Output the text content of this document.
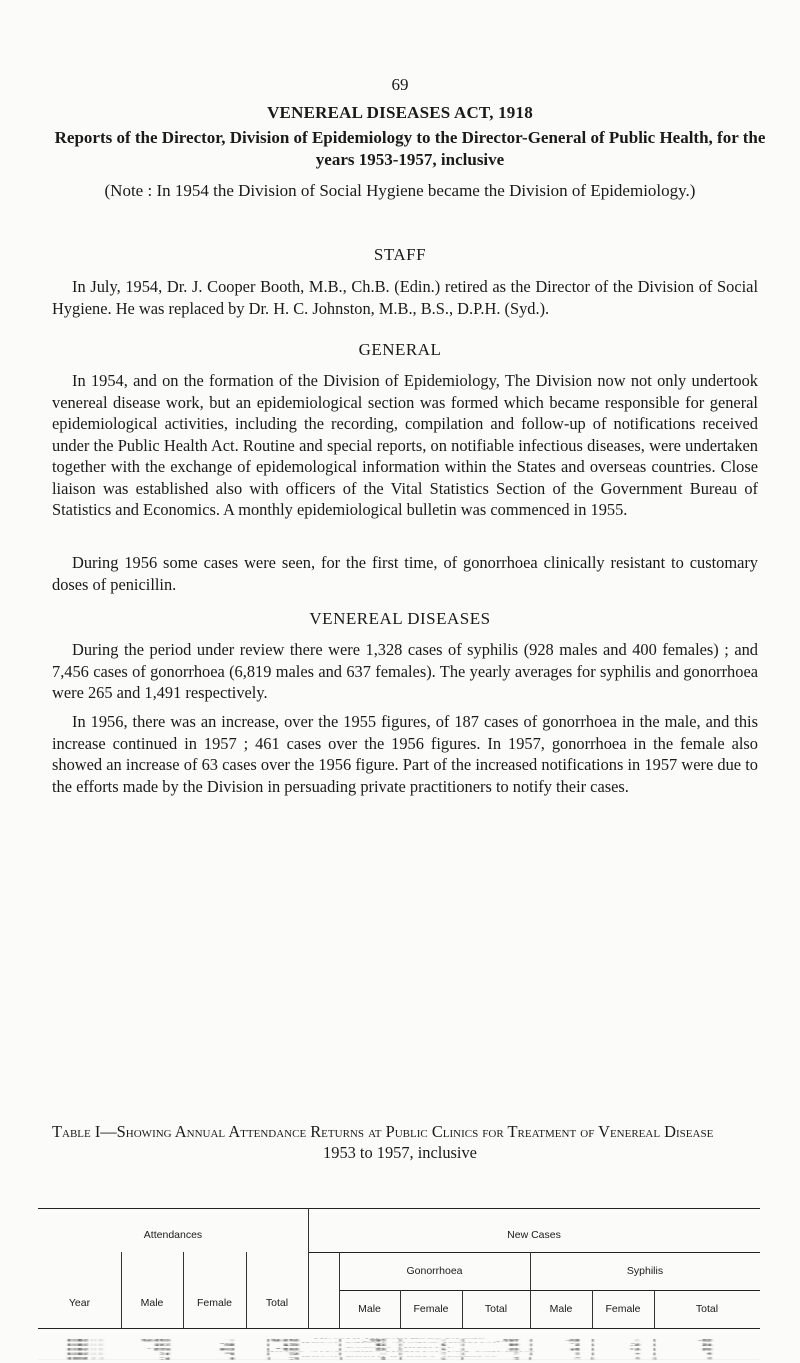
69
VENEREAL DISEASES ACT, 1918
Reports of the Director, Division of Epidemiology to the Director-General of Public Health, for the years 1953-1957, inclusive
(Note : In 1954 the Division of Social Hygiene became the Division of Epidemiology.)
STAFF
In July, 1954, Dr. J. Cooper Booth, M.B., Ch.B. (Edin.) retired as the Director of the Division of Social Hygiene. He was replaced by Dr. H. C. Johnston, M.B., B.S., D.P.H. (Syd.).
GENERAL
In 1954, and on the formation of the Division of Epidemiology, The Division now not only undertook venereal disease work, but an epidemiological section was formed which became responsible for general epidemiological activities, including the recording, compilation and follow-up of notifications received under the Public Health Act. Routine and special reports, on notifiable infectious diseases, were undertaken together with the exchange of epidemological information within the States and overseas countries. Close liaison was established also with officers of the Vital Statistics Section of the Government Bureau of Statistics and Economics. A monthly epidemiological bulletin was commenced in 1955.
During 1956 some cases were seen, for the first time, of gonorrhoea clinically resistant to customary doses of penicillin.
VENEREAL DISEASES
During the period under review there were 1,328 cases of syphilis (928 males and 400 females) ; and 7,456 cases of gonorrhoea (6,819 males and 637 females). The yearly averages for syphilis and gonorrhoea were 265 and 1,491 respectively.
In 1956, there was an increase, over the 1955 figures, of 187 cases of gonorrhoea in the male, and this increase continued in 1957 ; 461 cases over the 1956 figures. In 1957, gonorrhoea in the female also showed an increase of 63 cases over the 1956 figure. Part of the increased notifications in 1957 were due to the efforts made by the Division in persuading private practitioners to notify their cases.
Table I—Showing Annual Attendance Returns at Public Clinics for Treatment of Venereal Disease
1953 to 1957, inclusive
Attendances	New Cases
Year	Male	Female	Total
Gonorrhoea	Syphilis
Male	Female	Total	Male	Female	Total
Health Department Clinic
1953 .. ..	34,716	....	34,717	561	....	561	58	..	58
1954 .. ..	33,159	..	33,159	670	..	670	77	..	77
1955 .. ..	35,519	..	35,519	724	..	724	113	..	113
1956 .. ..	42,775	..	42,775	939	..	939	89	..	89
1957 .. ..	45,749	..	45,749	1,124	..	1,124	85	..	85
Royal Prince Alfred Hospital
1953 .. ..	703	225	928	26	1	27	13	11	24
1954 .. ..	454	89	543	21	1	22	6	5	11
1955 .. ..	374	75	449	24	1	25	4	7	11
1956 .. ..	174	66	240	22	2	24	5	18	23
1957 .. ..	216	35	251	25	3	28	7	5	12
Sydney Hospital
1953 .. ..	1,288	593	1,881	57	..	57	25	14	39
1954 .. ..	806	404	1,210	45	1	46	9	7	16
1955 .. ..	643	250	893	64	3	67	25	10	35
1956 .. ..	562	164	726	72	1	73	11	2	13
1957 .. ..	563	140	703	75	4	79	13	6	19
Royal Alexandra Hospital For Children
1953 .. ..	14	39	53	..	3	3	1	..	1
1954 .. ..	11	26	37	..	..	..	1	4	5
1955 .. ..	1	6	7	..	..	..	..	2	2
1956 .. ..	1	5	6	..	..	..	..	..	..
1957 .. ..	21	4	25	..	..	..	1	..	1
Royal South Sydney Hospital
1953 .. ..	34	1	35	5	..	5	2	1	3
1954 .. ..	..	..	..	4	..	4	..	..	..
1955 .. ..	1	1	2	..	..	..	..	..	..
